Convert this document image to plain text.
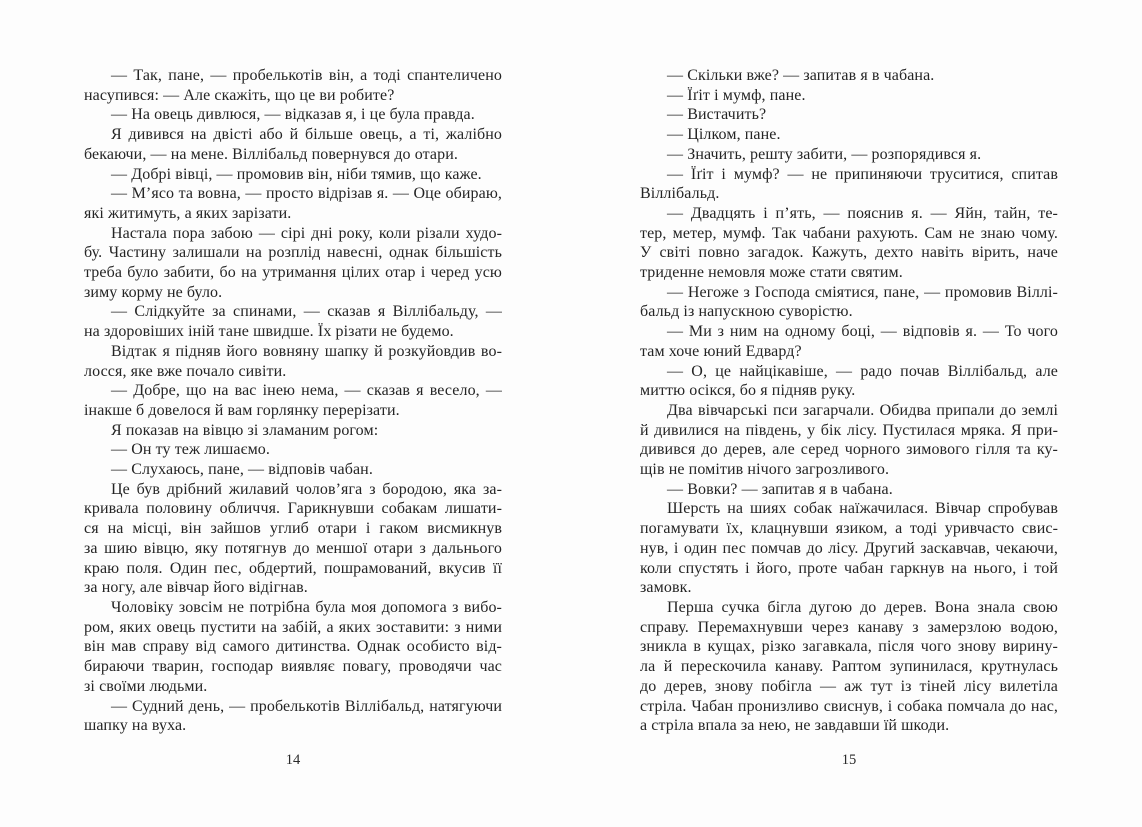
— Так, пане, — пробелькотів він, а тоді спантеличено
насупився: — Але скажіть, що це ви робите?
— На овець дивлюся, — відказав я, і це була правда.
Я дивився на двісті або й більше овець, а ті, жалібно
бекаючи, — на мене. Віллібальд повернувся до отари.
— Добрі вівці, — промовив він, ніби тямив, що каже.
— М’ясо та вовна, — просто відрізав я. — Оце обираю,
які житимуть, а яких зарізати.
Настала пора забою — сірі дні року, коли різали худо-
бу. Частину залишали на розплід навесні, однак більшість
треба було забити, бо на утримання цілих отар і черед усю
зиму корму не було.
— Слідкуйте за спинами, — сказав я Віллібальду, —
на здоровіших іній тане швидше. Їх різати не будемо.
Відтак я підняв його вовняну шапку й розкуйовдив во-
лосся, яке вже почало сивіти.
— Добре, що на вас інею нема, — сказав я весело, —
інакше б довелося й вам горлянку перерізати.
Я показав на вівцю зі зламаним рогом:
— Он ту теж лишаємо.
— Слухаюсь, пане, — відповів чабан.
Це був дрібний жилавий чолов’яга з бородою, яка за-
кривала половину обличчя. Гарикнувши собакам лишати-
ся на місці, він зайшов углиб отари і гаком висмикнув
за шию вівцю, яку потягнув до меншої отари з дальнього
краю поля. Один пес, обдертий, пошрамований, вкусив її
за ногу, але вівчар його відігнав.
Чоловіку зовсім не потрібна була моя допомога з вибо-
ром, яких овець пустити на забій, а яких зоставити: з ними
він мав справу від самого дитинства. Однак особисто від-
бираючи тварин, господар виявляє повагу, проводячи час
зі своїми людьми.
— Судний день, — пробелькотів Віллібальд, натягуючи
шапку на вуха.
— Скільки вже? — запитав я в чабана.
— Їґіт і мумф, пане.
— Вистачить?
— Цілком, пане.
— Значить, решту забити, — розпорядився я.
— Їґіт і мумф? — не припиняючи труситися, спитав
Віллібальд.
— Двадцять і п’ять, — пояснив я. — Яйн, тайн, те-
тер, метер, мумф. Так чабани рахують. Сам не знаю чому.
У світі повно загадок. Кажуть, дехто навіть вірить, наче
триденне немовля може стати святим.
— Негоже з Господа сміятися, пане, — промовив Віллі-
бальд із напускною суворістю.
— Ми з ним на одному боці, — відповів я. — То чого
там хоче юний Едвард?
— О, це найцікавіше, — радо почав Віллібальд, але
миттю осікся, бо я підняв руку.
Два вівчарські пси загарчали. Обидва припали до землі
й дивилися на південь, у бік лісу. Пустилася мряка. Я при-
дивився до дерев, але серед чорного зимового гілля та ку-
щів не помітив нічого загрозливого.
— Вовки? — запитав я в чабана.
Шерсть на шиях собак наїжачилася. Вівчар спробував
погамувати їх, клацнувши язиком, а тоді уривчасто свис-
нув, і один пес помчав до лісу. Другий заскавчав, чекаючи,
коли спустять і його, проте чабан гаркнув на нього, і той
замовк.
Перша сучка бігла дугою до дерев. Вона знала свою
справу. Перемахнувши через канаву з замерзлою водою,
зникла в кущах, різко загавкала, після чого знову вирину-
ла й перескочила канаву. Раптом зупинилася, крутнулась
до дерев, знову побігла — аж тут із тіней лісу вилетіла
стріла. Чабан пронизливо свиснув, і собака помчала до нас,
а стріла впала за нею, не завдавши їй шкоди.
14	15
